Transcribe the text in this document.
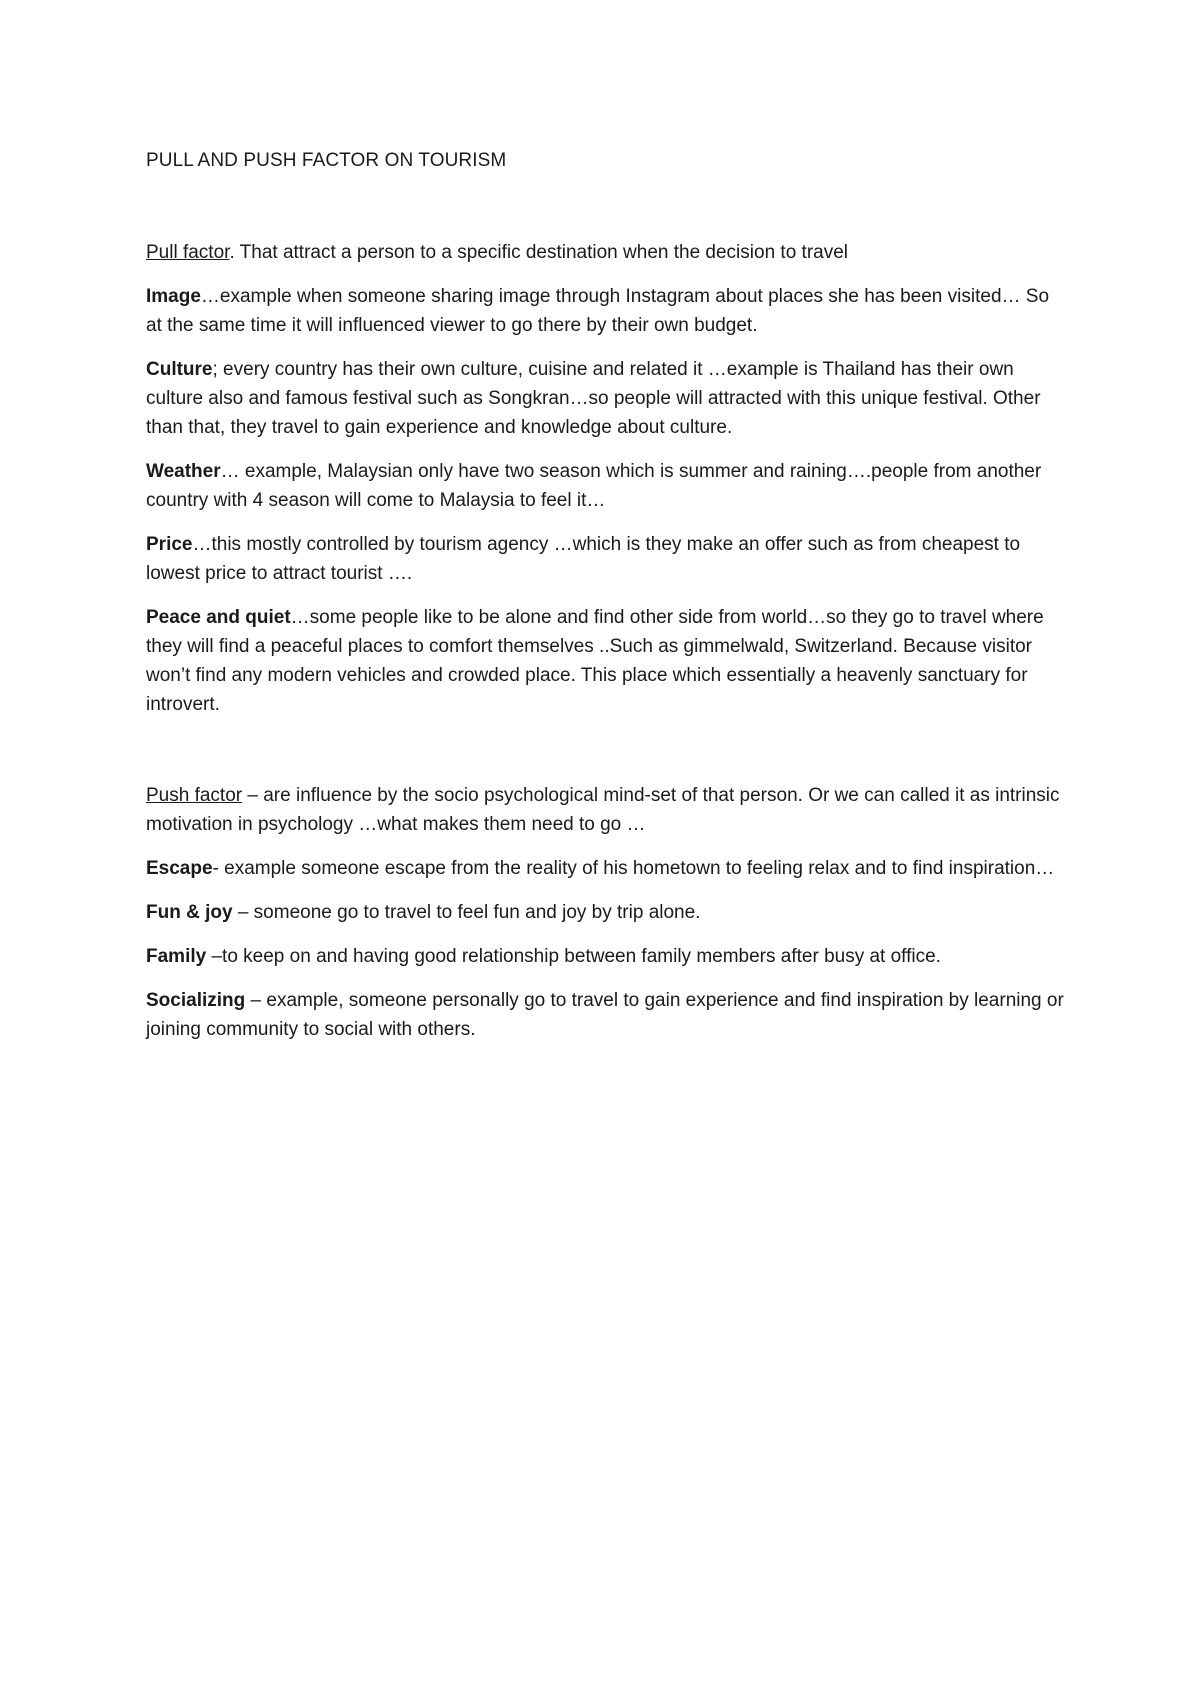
PULL AND PUSH FACTOR ON TOURISM

Pull factor. That attract a person to a specific destination when the decision to travel

Image…example when someone sharing image through Instagram about places she has been visited… So at the same time it will influenced viewer to go there by their own budget.

Culture; every country has their own culture, cuisine and related it …example is Thailand has their own culture also and famous festival such as Songkran…so people will attracted with this unique festival. Other than that, they travel to gain experience and knowledge about culture.

Weather… example, Malaysian only have two season which is summer and raining….people from another country with 4 season will come to Malaysia to feel it…

Price…this mostly controlled by tourism agency …which is they make an offer such as from cheapest to lowest price to attract tourist ….

Peace and quiet…some people like to be alone and find other side from world…so they go to travel where they will find a peaceful places to comfort themselves ..Such as gimmelwald, Switzerland. Because visitor won’t find any modern vehicles and crowded place. This place which essentially a heavenly sanctuary for introvert.

Push factor – are influence by the socio psychological mind-set of that person. Or we can called it as intrinsic motivation in psychology …what makes them need to go …

Escape- example someone escape from the reality of his hometown to feeling relax and to find inspiration…

Fun & joy – someone go to travel to feel fun and joy by trip alone.

Family –to keep on and having good relationship between family members after busy at office.

Socializing – example, someone personally go to travel to gain experience and find inspiration by learning or joining community to social with others.
